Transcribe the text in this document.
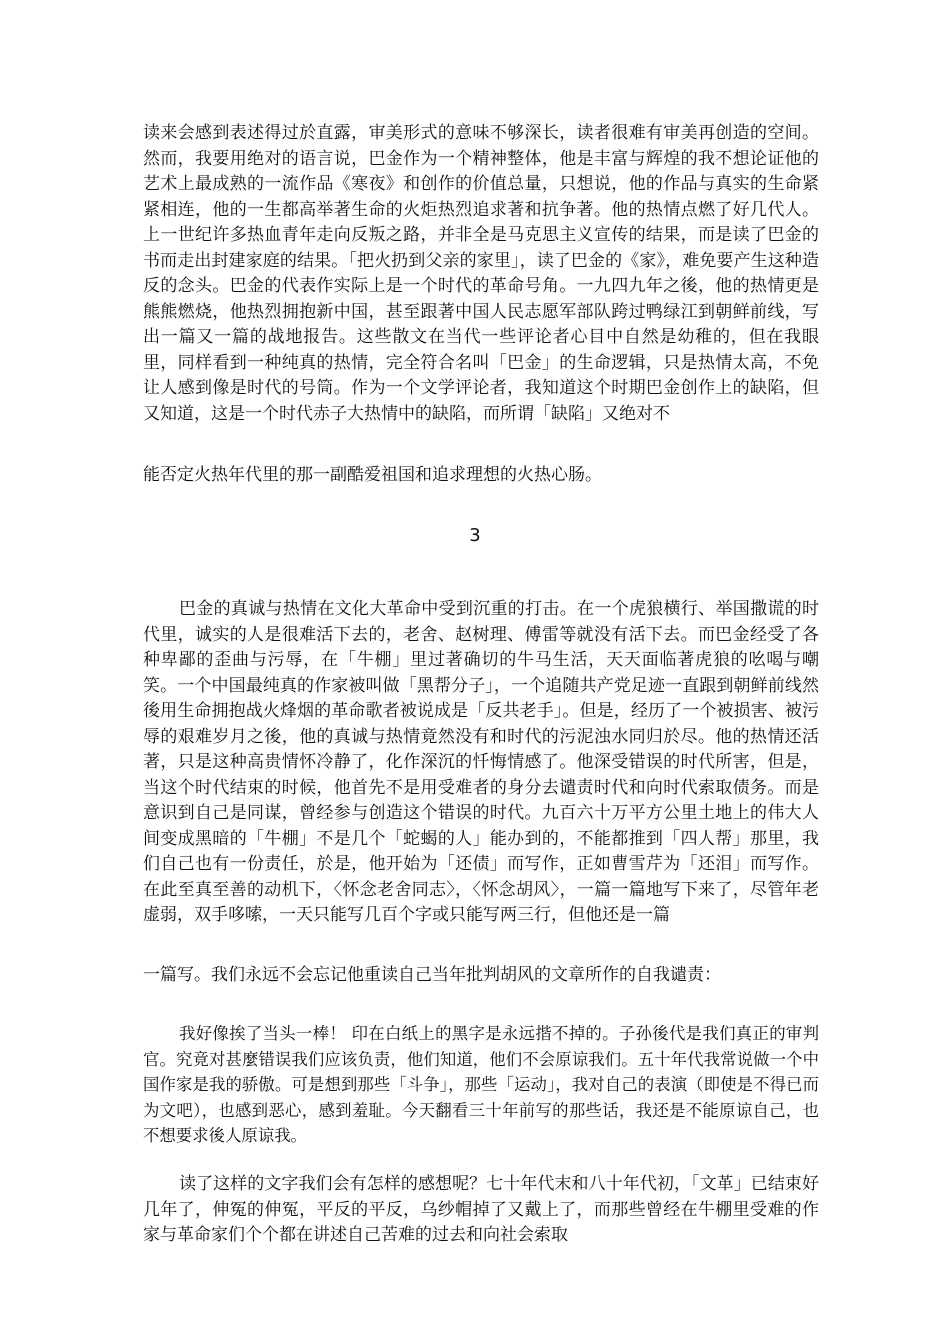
读来会感到表述得过於直露，审美形式的意味不够深长，读者很难有审美再创造的空间。然而，我要用绝对的语言说，巴金作为一个精神整体，他是丰富与辉煌的我不想论证他的艺术上最成熟的一流作品《寒夜》和创作的价值总量，只想说，他的作品与真实的生命紧紧相连，他的一生都高举著生命的火炬热烈追求著和抗争著。他的热情点燃了好几代人。上一世纪许多热血青年走向反叛之路，并非全是马克思主义宣传的结果，而是读了巴金的书而走出封建家庭的结果。「把火扔到父亲的家里」，读了巴金的《家》，难免要产生这种造反的念头。巴金的代表作实际上是一个时代的革命号角。一九四九年之後，他的热情更是熊熊燃烧，他热烈拥抱新中国，甚至跟著中国人民志愿军部队跨过鸭绿江到朝鲜前线，写出一篇又一篇的战地报告。这些散文在当代一些评论者心目中自然是幼稚的，但在我眼里，同样看到一种纯真的热情，完全符合名叫「巴金」的生命逻辑，只是热情太高，不免让人感到像是时代的号筒。作为一个文学评论者，我知道这个时期巴金创作上的缺陷，但又知道，这是一个时代赤子大热情中的缺陷，而所谓「缺陷」又绝对不

能否定火热年代里的那一副酷爱祖国和追求理想的火热心肠。

3

巴金的真诚与热情在文化大革命中受到沉重的打击。在一个虎狼横行、举国撒谎的时代里，诚实的人是很难活下去的，老舍、赵树理、傅雷等就没有活下去。而巴金经受了各种卑鄙的歪曲与污辱，在「牛棚」里过著确切的牛马生活，天天面临著虎狼的吆喝与嘲笑。一个中国最纯真的作家被叫做「黑帮分子」，一个追随共产党足迹一直跟到朝鲜前线然後用生命拥抱战火烽烟的革命歌者被说成是「反共老手」。但是，经历了一个被损害、被污辱的艰难岁月之後，他的真诚与热情竟然没有和时代的污泥浊水同归於尽。他的热情还活著，只是这种高贵情怀冷静了，化作深沉的忏悔情感了。他深受错误的时代所害，但是，当这个时代结束的时候，他首先不是用受难者的身分去谴责时代和向时代索取债务。而是意识到自己是同谋，曾经参与创造这个错误的时代。九百六十万平方公里土地上的伟大人间变成黑暗的「牛棚」不是几个「蛇蝎的人」能办到的，不能都推到「四人帮」那里，我们自己也有一份责任，於是，他开始为「还债」而写作，正如曹雪芹为「还泪」而写作。在此至真至善的动机下，〈怀念老舍同志〉，〈怀念胡风〉，一篇一篇地写下来了，尽管年老虚弱，双手哆嗦，一天只能写几百个字或只能写两三行，但他还是一篇

一篇写。我们永远不会忘记他重读自己当年批判胡风的文章所作的自我谴责：

我好像挨了当头一棒！ 印在白纸上的黑字是永远揩不掉的。子孙後代是我们真正的审判官。究竟对甚麼错误我们应该负责，他们知道，他们不会原谅我们。五十年代我常说做一个中国作家是我的骄傲。可是想到那些「斗争」，那些「运动」，我对自己的表演（即使是不得已而为文吧），也感到恶心，感到羞耻。今天翻看三十年前写的那些话，我还是不能原谅自己，也不想要求後人原谅我。

读了这样的文字我们会有怎样的感想呢？七十年代末和八十年代初，「文革」已结束好几年了，伸冤的伸冤，平反的平反，乌纱帽掉了又戴上了，而那些曾经在牛棚里受难的作家与革命家们个个都在讲述自己苦难的过去和向社会索取
